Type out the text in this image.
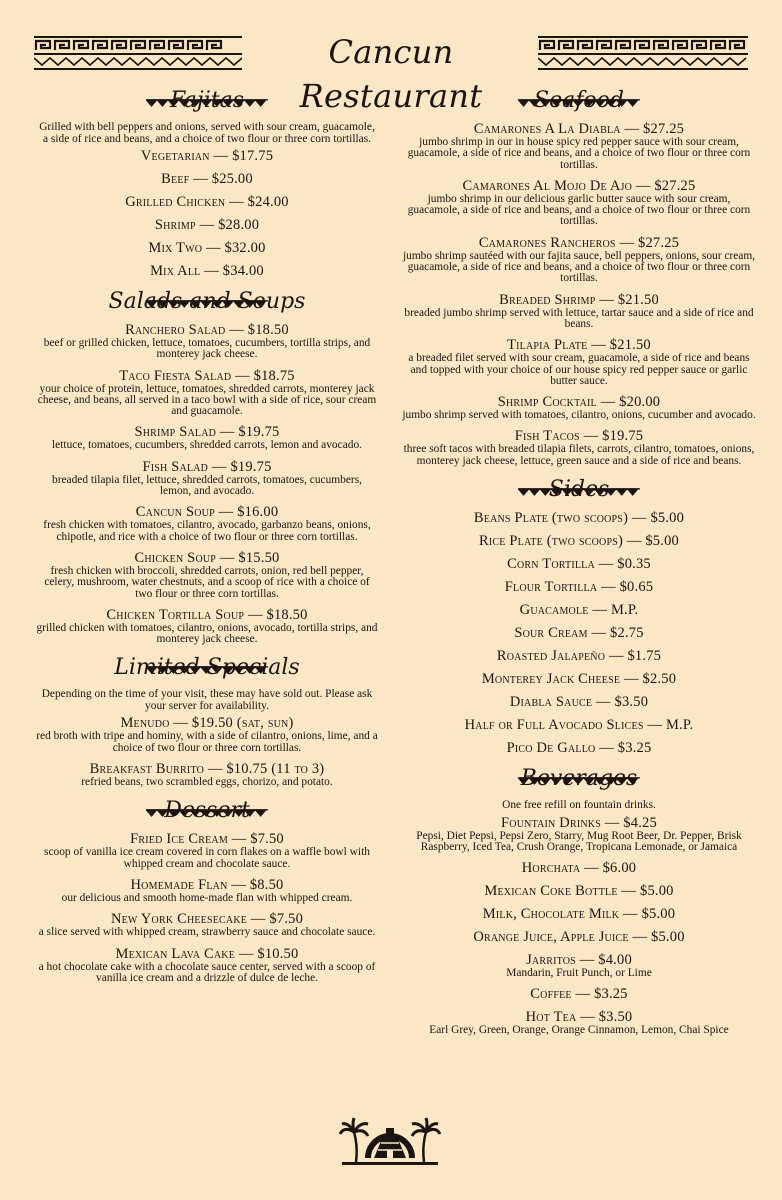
Cancun Restaurant
Fajitas
Grilled with bell peppers and onions, served with sour cream, guacamole, a side of rice and beans, and a choice of two flour or three corn tortillas.
Vegetarian — $17.75
Beef — $25.00
Grilled Chicken — $24.00
Shrimp — $28.00
Mix Two — $32.00
Mix All — $34.00
Salads and Soups
Ranchero Salad — $18.50
beef or grilled chicken, lettuce, tomatoes, cucumbers, tortilla strips, and monterey jack cheese.
Taco Fiesta Salad — $18.75
your choice of protein, lettuce, tomatoes, shredded carrots, monterey jack cheese, and beans, all served in a taco bowl with a side of rice, sour cream and guacamole.
Shrimp Salad — $19.75
lettuce, tomatoes, cucumbers, shredded carrots, lemon and avocado.
Fish Salad — $19.75
breaded tilapia filet, lettuce, shredded carrots, tomatoes, cucumbers, lemon, and avocado.
Cancun Soup — $16.00
fresh chicken with tomatoes, cilantro, avocado, garbanzo beans, onions, chipotle, and rice with a choice of two flour or three corn tortillas.
Chicken Soup — $15.50
fresh chicken with broccoli, shredded carrots, onion, red bell pepper, celery, mushroom, water chestnuts, and a scoop of rice with a choice of two flour or three corn tortillas.
Chicken Tortilla Soup — $18.50
grilled chicken with tomatoes, cilantro, onions, avocado, tortilla strips, and monterey jack cheese.
Limited Specials
Depending on the time of your visit, these may have sold out. Please ask your server for availability.
Menudo — $19.50 (sat, sun)
red broth with tripe and hominy, with a side of cilantro, onions, lime, and a choice of two flour or three corn tortillas.
Breakfast Burrito — $10.75 (11 to 3)
refried beans, two scrambled eggs, chorizo, and potato.
Dessert
Fried Ice Cream — $7.50
scoop of vanilla ice cream covered in corn flakes on a waffle bowl with whipped cream and chocolate sauce.
Homemade Flan — $8.50
our delicious and smooth home-made flan with whipped cream.
New York Cheesecake — $7.50
a slice served with whipped cream, strawberry sauce and chocolate sauce.
Mexican Lava Cake — $10.50
a hot chocolate cake with a chocolate sauce center, served with a scoop of vanilla ice cream and a drizzle of dulce de leche.
Seafood
Camarones A La Diabla — $27.25
jumbo shrimp in our in house spicy red pepper sauce with sour cream, guacamole, a side of rice and beans, and a choice of two flour or three corn tortillas.
Camarones Al Mojo De Ajo — $27.25
jumbo shrimp in our delicious garlic butter sauce with sour cream, guacamole, a side of rice and beans, and a choice of two flour or three corn tortillas.
Camarones Rancheros — $27.25
jumbo shrimp sautéed with our fajita sauce, bell peppers, onions, sour cream, guacamole, a side of rice and beans, and a choice of two flour or three corn tortillas.
Breaded Shrimp — $21.50
breaded jumbo shrimp served with lettuce, tartar sauce and a side of rice and beans.
Tilapia Plate — $21.50
a breaded filet served with sour cream, guacamole, a side of rice and beans and topped with your choice of our house spicy red pepper sauce or garlic butter sauce.
Shrimp Cocktail — $20.00
jumbo shrimp served with tomatoes, cilantro, onions, cucumber and avocado.
Fish Tacos — $19.75
three soft tacos with breaded tilapia filets, carrots, cilantro, tomatoes, onions, monterey jack cheese, lettuce, green sauce and a side of rice and beans.
Sides
Beans Plate (two scoops) — $5.00
Rice Plate (two scoops) — $5.00
Corn Tortilla — $0.35
Flour Tortilla — $0.65
Guacamole — M.P.
Sour Cream — $2.75
Roasted Jalapeño — $1.75
Monterey Jack Cheese — $2.50
Diabla Sauce — $3.50
Half or Full Avocado Slices — M.P.
Pico De Gallo — $3.25
Beverages
One free refill on fountain drinks.
Fountain Drinks — $4.25
Pepsi, Diet Pepsi, Pepsi Zero, Starry, Mug Root Beer, Dr. Pepper, Brisk Raspberry, Iced Tea, Crush Orange, Tropicana Lemonade, or Jamaica
Horchata — $6.00
Mexican Coke Bottle — $5.00
Milk, Chocolate Milk — $5.00
Orange Juice, Apple Juice — $5.00
Jarritos — $4.00
Mandarin, Fruit Punch, or Lime
Coffee — $3.25
Hot Tea — $3.50
Earl Grey, Green, Orange, Orange Cinnamon, Lemon, Chai Spice
